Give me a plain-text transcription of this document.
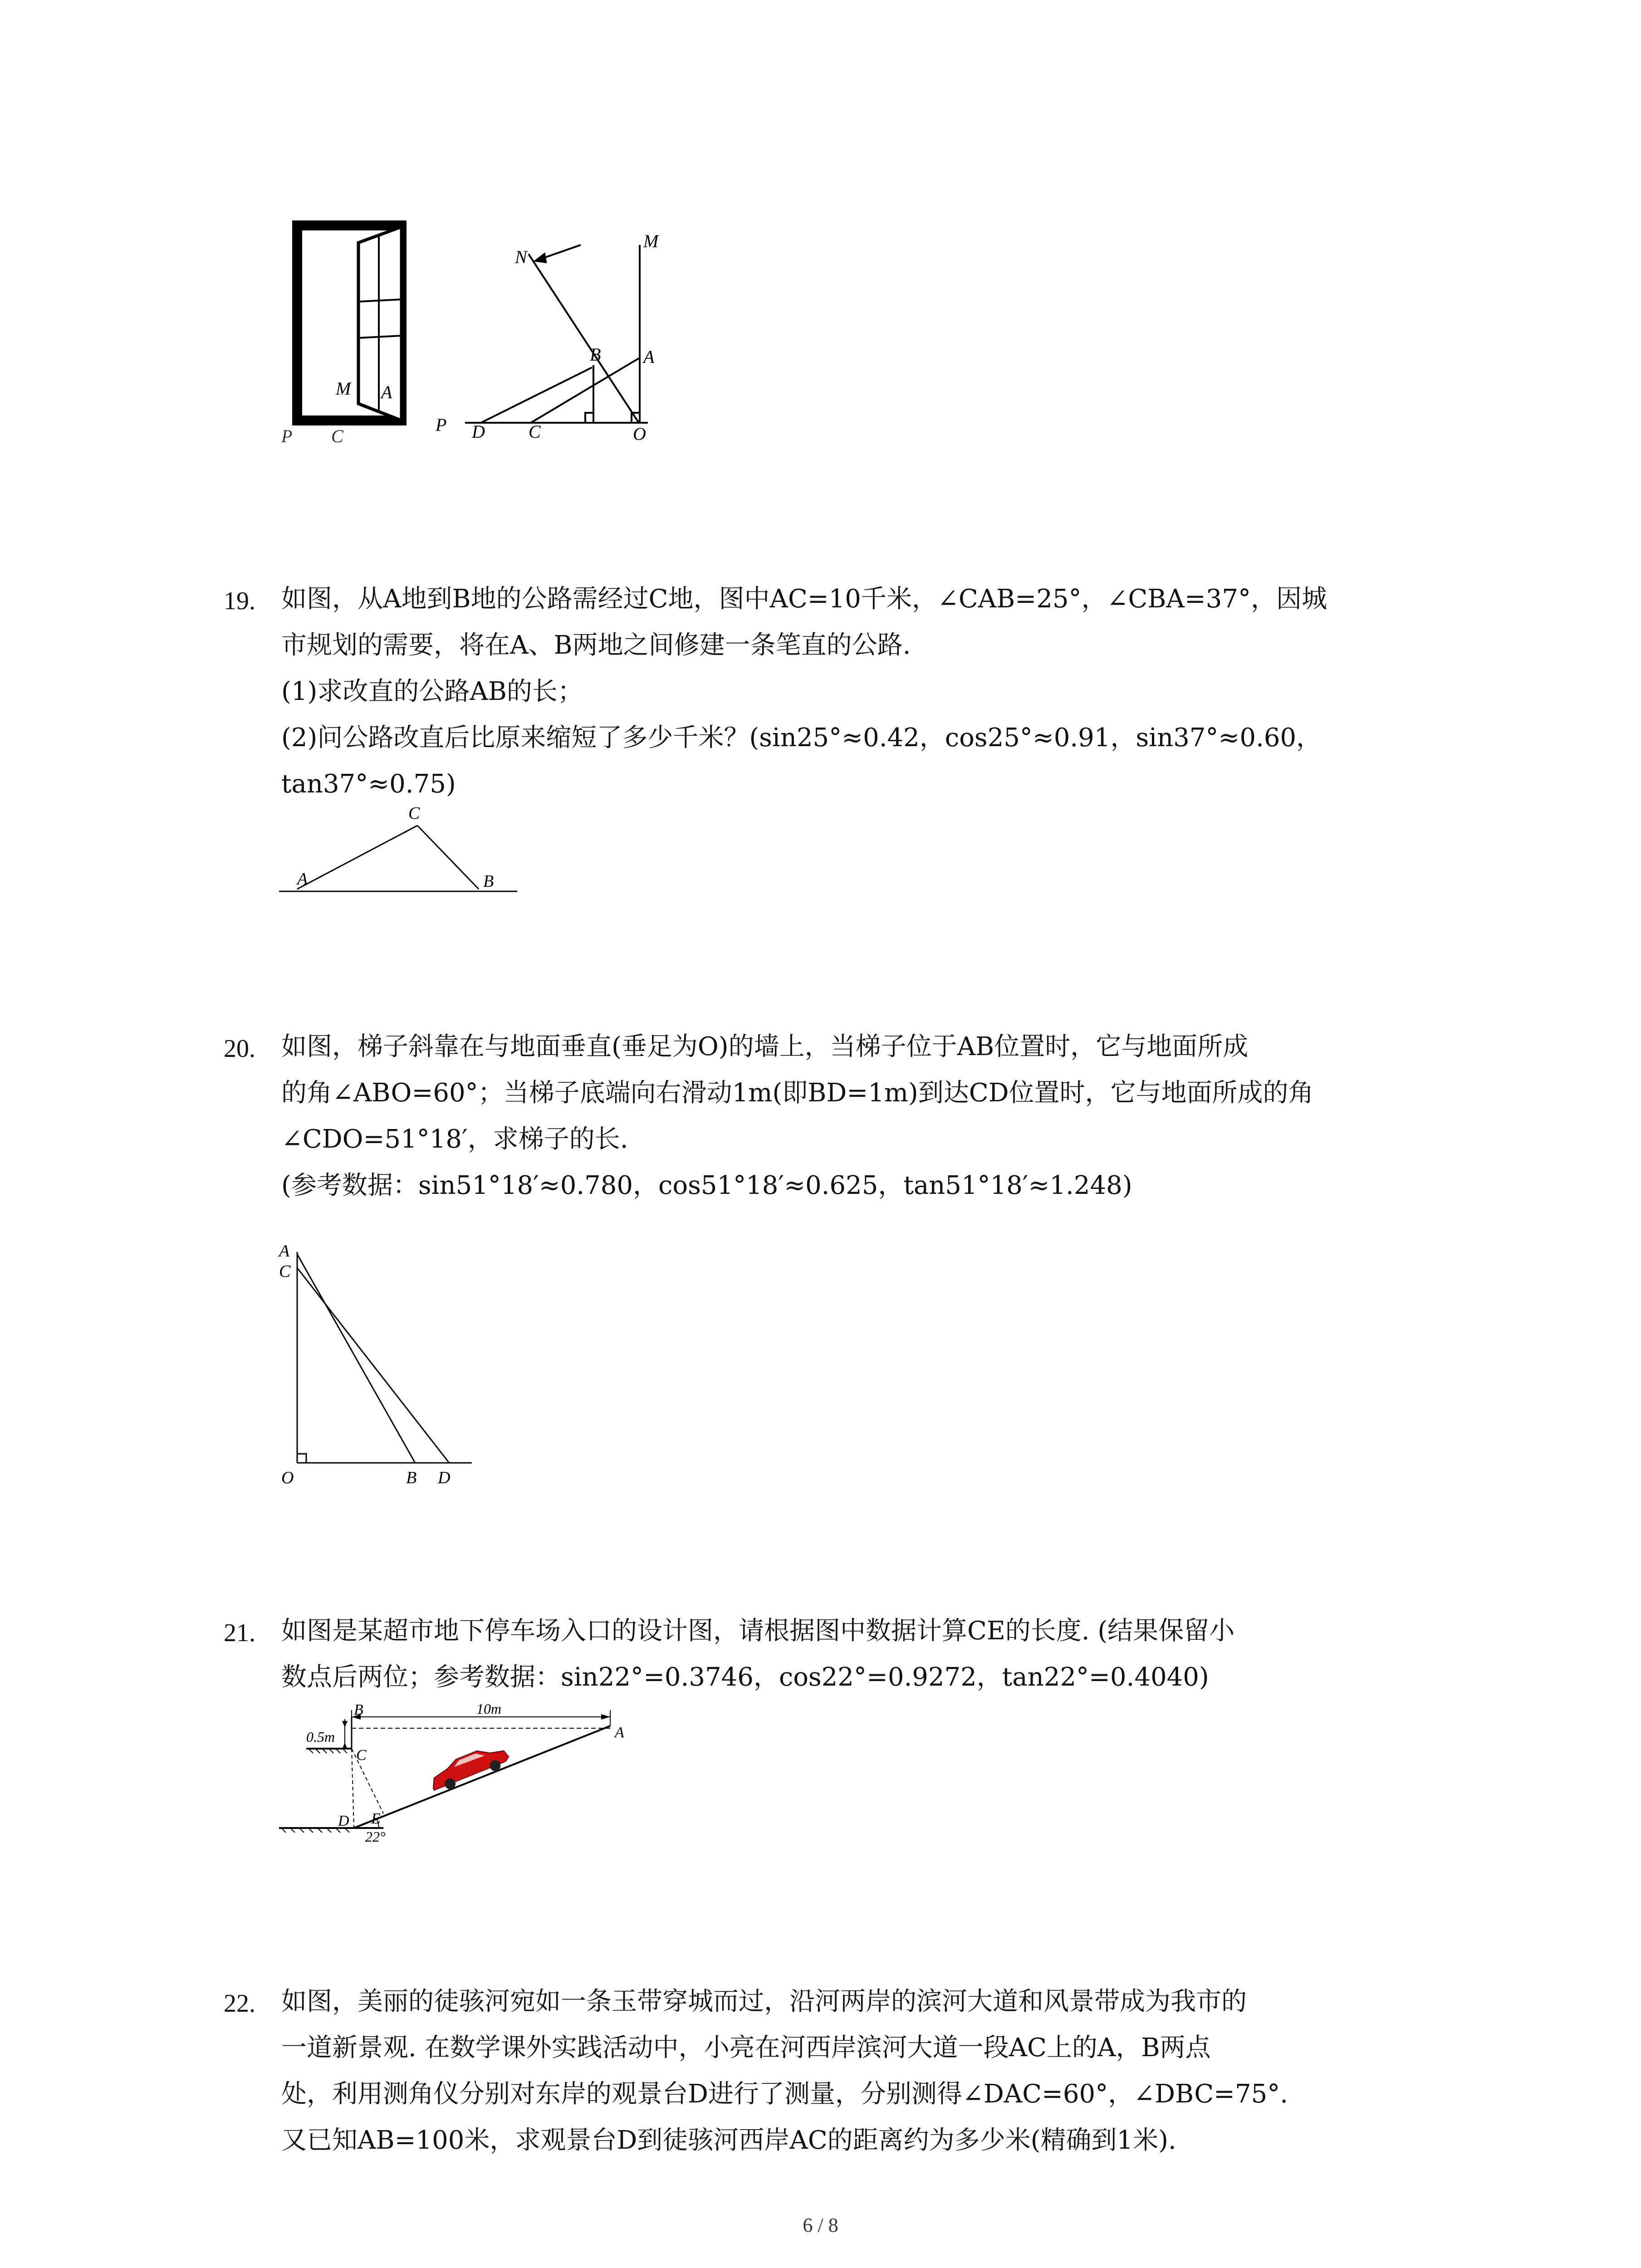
M A
P C
N
M
B A
P D C	O
19. 如图，从A地到B地的公路需经过C地，图中AC=10千米，∠CAB=25°，∠CBA=37°，因城
市规划的需要，将在A、B两地之间修建一条笔直的公路.
(1)求改直的公路AB的长；
(2)问公路改直后比原来缩短了多少千米？(sin25°≈0.42，cos25°≈0.91，sin37°≈0.60，
tan37°≈0.75)
C
A	B
20. 如图，梯子斜靠在与地面垂直(垂足为O)的墙上，当梯子位于AB位置时，它与地面所成
的角∠ABO=60°；当梯子底端向右滑动1m(即BD=1m)到达CD位置时，它与地面所成的角
∠CDO=51°18′，求梯子的长.
(参考数据：sin51°18′≈0.780，cos51°18′≈0.625，tan51°18′≈1.248)
A
C
O	B D
21. 如图是某超市地下停车场入口的设计图，请根据图中数据计算CE的长度. (结果保留小
数点后两位；参考数据：sin22°=0.3746，cos22°=0.9272，tan22°=0.4040)
B
0.5m
10m
A
C
E
D
22°
22. 如图，美丽的徒骇河宛如一条玉带穿城而过，沿河两岸的滨河大道和风景带成为我市的
一道新景观. 在数学课外实践活动中，小亮在河西岸滨河大道一段AC上的A，B两点
处，利用测角仪分别对东岸的观景台D进行了测量，分别测得∠DAC=60°，∠DBC=75°.
又已知AB=100米，求观景台D到徒骇河西岸AC的距离约为多少米(精确到1米).
6 / 8
